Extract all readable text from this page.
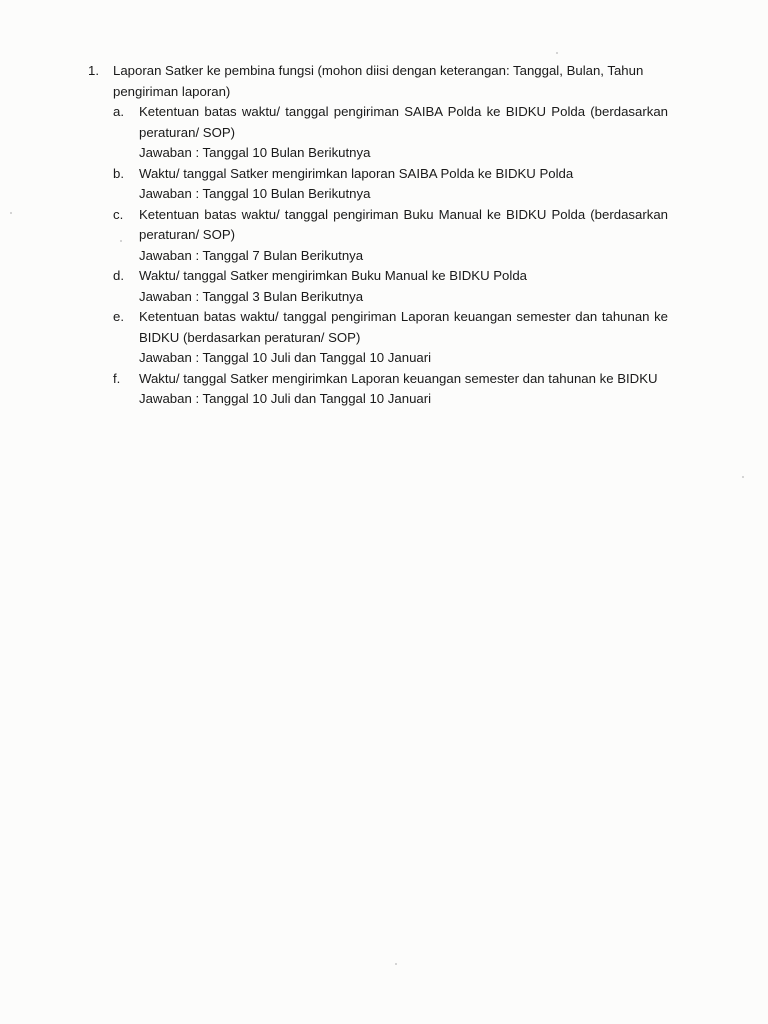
1.	Laporan Satker ke pembina fungsi (mohon diisi dengan keterangan: Tanggal, Bulan, Tahun pengiriman laporan)
a.	Ketentuan batas waktu/ tanggal pengiriman SAIBA Polda ke BIDKU Polda (berdasarkan peraturan/ SOP)
Jawaban : Tanggal 10 Bulan Berikutnya
b.	Waktu/ tanggal Satker mengirimkan laporan SAIBA Polda ke BIDKU Polda
Jawaban : Tanggal 10 Bulan Berikutnya
c.	Ketentuan batas waktu/ tanggal pengiriman Buku Manual ke BIDKU Polda (berdasarkan peraturan/ SOP)
Jawaban : Tanggal 7 Bulan Berikutnya
d.	Waktu/ tanggal Satker mengirimkan Buku Manual ke BIDKU Polda
Jawaban : Tanggal 3 Bulan Berikutnya
e.	Ketentuan batas waktu/ tanggal pengiriman Laporan keuangan semester dan tahunan ke BIDKU (berdasarkan peraturan/ SOP)
Jawaban : Tanggal 10 Juli dan Tanggal 10 Januari
f.	Waktu/ tanggal Satker mengirimkan Laporan keuangan semester dan tahunan ke BIDKU
Jawaban : Tanggal 10 Juli dan Tanggal 10 Januari
